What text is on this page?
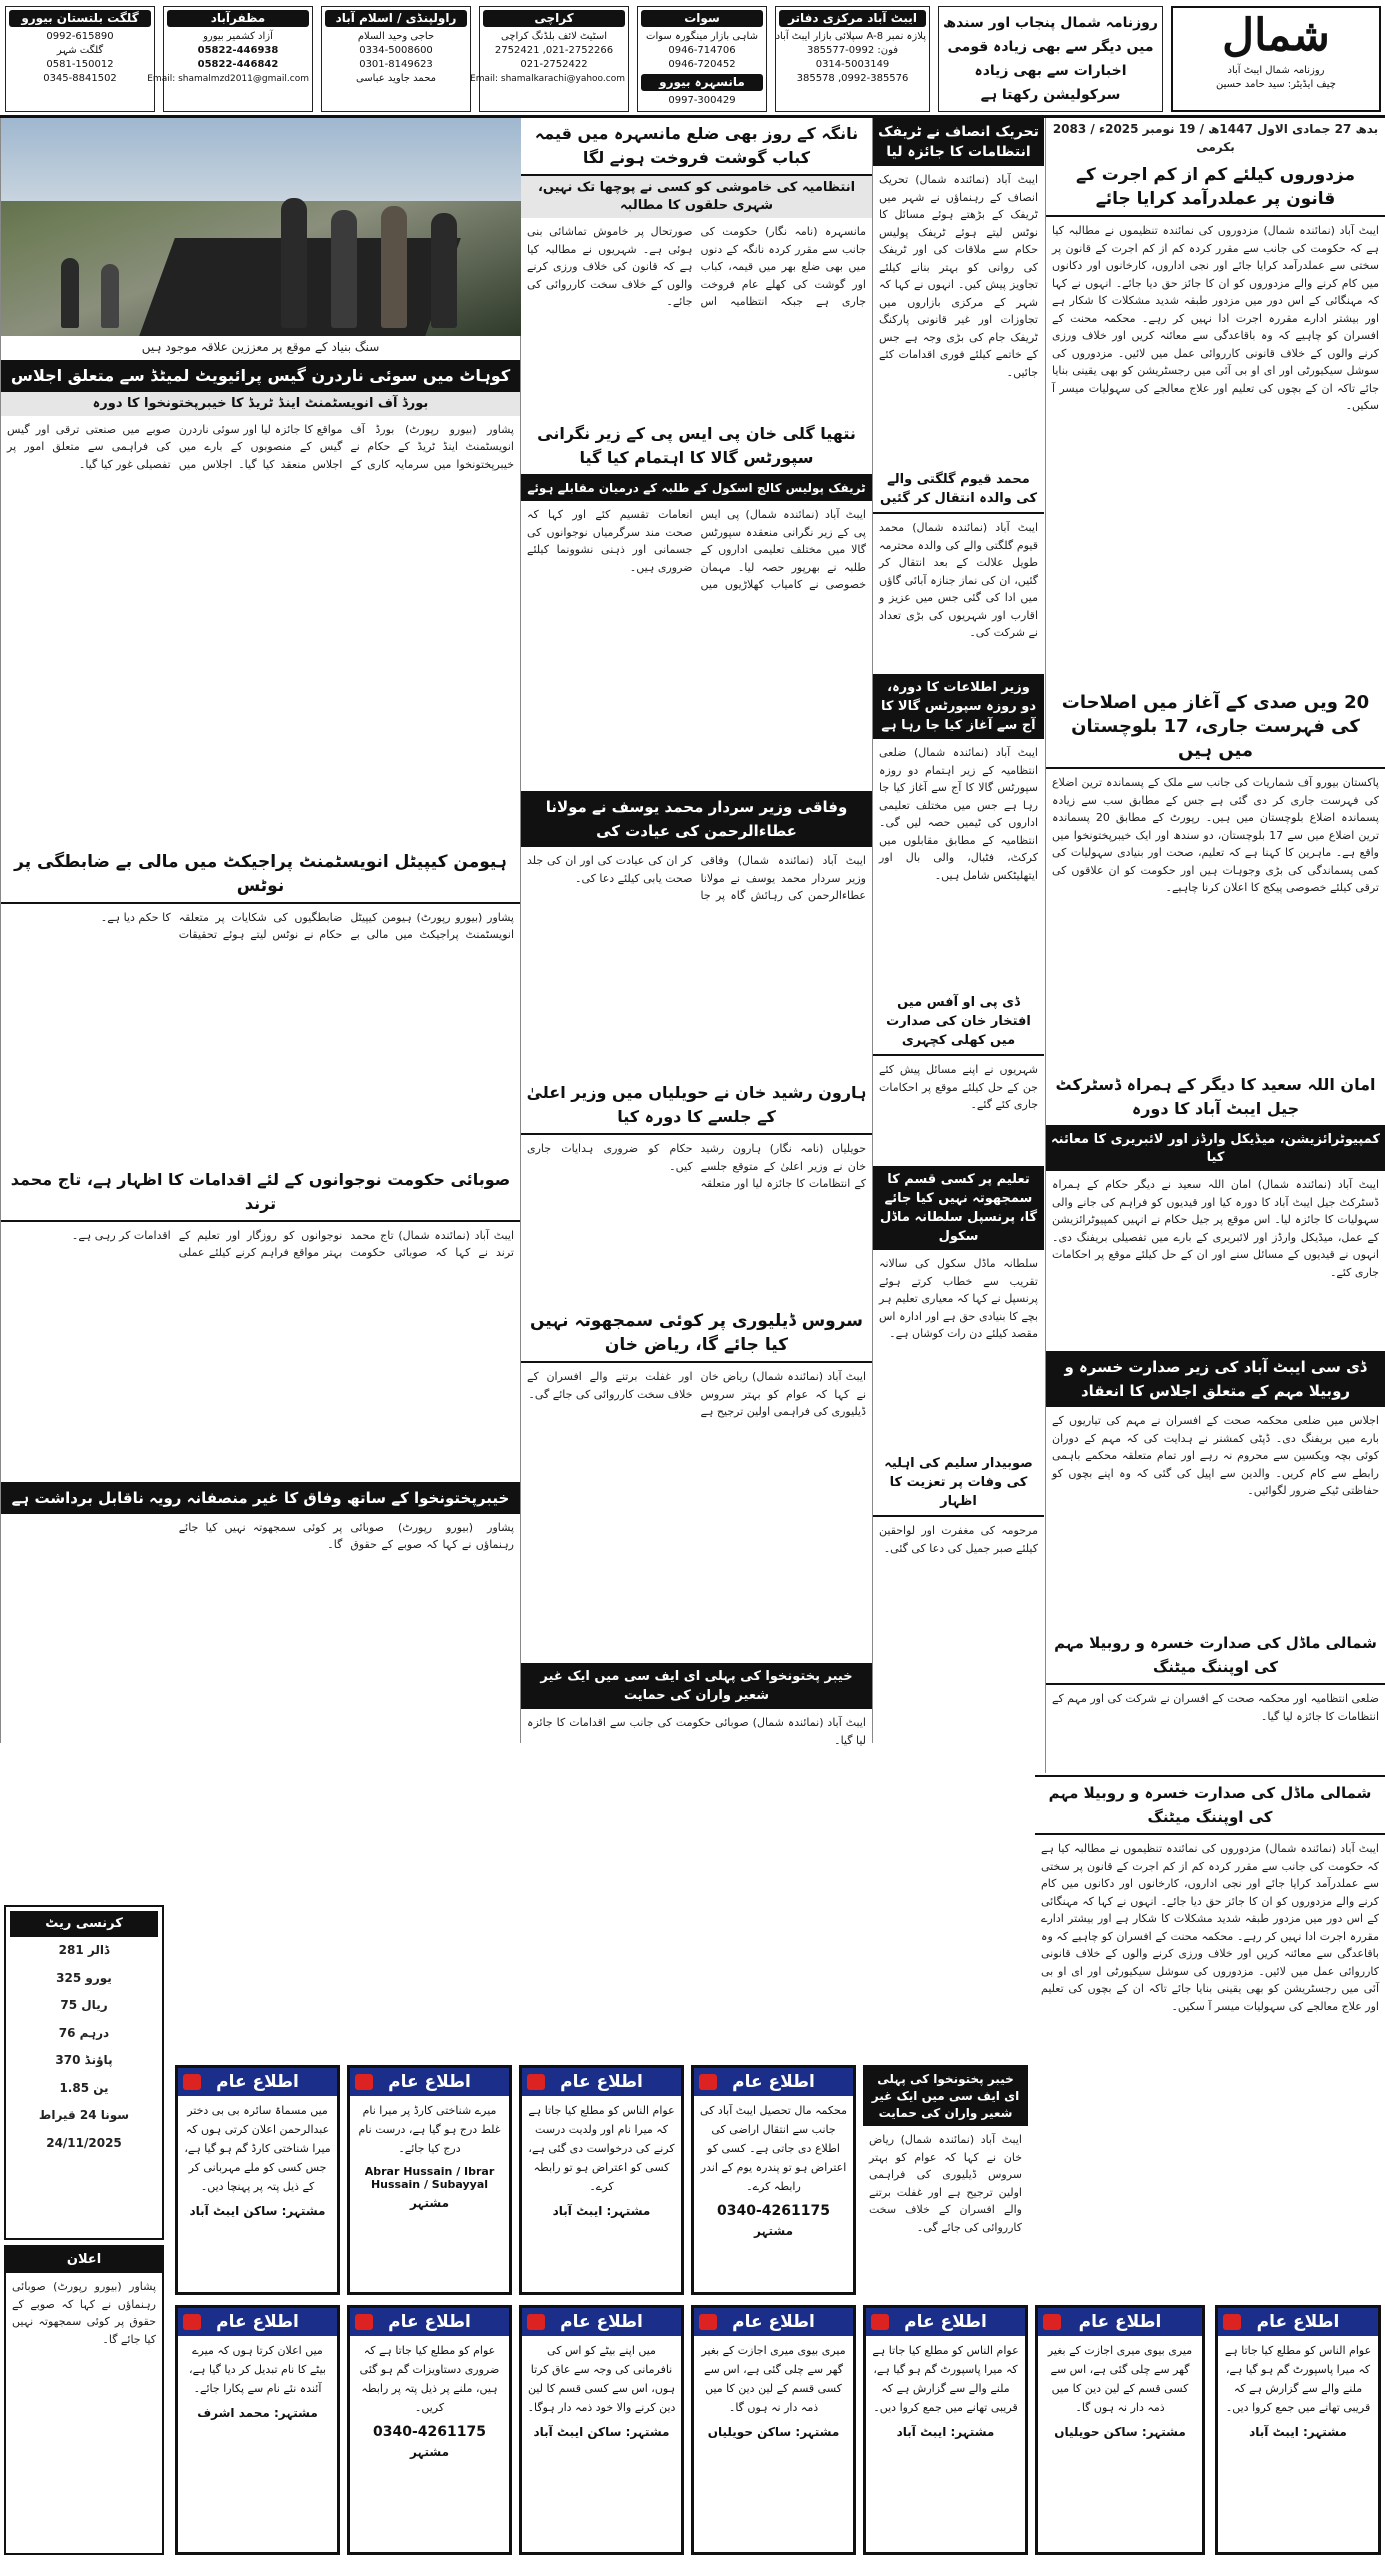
شمال
روزنامہ شمال ایبٹ آباد
چیف ایڈیٹر: سید حامد حسین
روزنامہ شمال پنجاب اور سندھ میں دیگر سے بھی زیادہ قومی اخبارات سے بھی زیادہ سرکولیشن رکھتا ہے
ایبٹ آباد مرکزی دفاتر
پلازہ نمبر A-8 سپلائی بازار ایبٹ آباد
فون: 0992-385577
0314-5003149
0992-385576, 385578
سوات
شاہی بازار مینگورہ سوات
0946-714706
0946-720452
مانسہرہ بیورو
0997-300429
کراچی
اسٹیٹ لائف بلڈنگ کراچی
021-2752266, 2752421
021-2752422
Email: shamalkarachi@yahoo.com
راولپنڈی / اسلام آباد
حاجی وحید السلام
0334-5008600
0301-8149623
محمد جاوید عباسی
مظفرآباد
آزاد کشمیر بیورو
05822-446938
05822-446842
Email: shamalmzd2011@gmail.com
گلگت بلتستان بیورو
0992-615890
گلگت شہر
0581-150012
0345-8841502
بدھ 27 جمادی الاول 1447ھ / 19 نومبر 2025ء / 2083 بکرمی
مزدوروں کیلئے کم از کم اجرت کے قانون پر عملدرآمد کرایا جائے
ایبٹ آباد (نمائندہ شمال) مزدوروں کی نمائندہ تنظیموں نے مطالبہ کیا ہے کہ حکومت کی جانب سے مقرر کردہ کم از کم اجرت کے قانون پر سختی سے عملدرآمد کرایا جائے اور نجی اداروں، کارخانوں اور دکانوں میں کام کرنے والے مزدوروں کو ان کا جائز حق دیا جائے۔ انہوں نے کہا کہ مہنگائی کے اس دور میں مزدور طبقہ شدید مشکلات کا شکار ہے اور بیشتر ادارے مقررہ اجرت ادا نہیں کر رہے۔ محکمہ محنت کے افسران کو چاہیے کہ وہ باقاعدگی سے معائنہ کریں اور خلاف ورزی کرنے والوں کے خلاف قانونی کارروائی عمل میں لائیں۔ مزدوروں کی سوشل سیکیورٹی اور ای او بی آئی میں رجسٹریشن کو بھی یقینی بنایا جائے تاکہ ان کے بچوں کی تعلیم اور علاج معالجے کی سہولیات میسر آ سکیں۔
20 ویں صدی کے آغاز میں اصلاحات کی فہرست جاری، 17 بلوچستان میں ہیں
پاکستان بیورو آف شماریات کی جانب سے ملک کے پسماندہ ترین اضلاع کی فہرست جاری کر دی گئی ہے جس کے مطابق سب سے زیادہ پسماندہ اضلاع بلوچستان میں ہیں۔ رپورٹ کے مطابق 20 پسماندہ ترین اضلاع میں سے 17 بلوچستان، دو سندھ اور ایک خیبرپختونخوا میں واقع ہے۔ ماہرین کا کہنا ہے کہ تعلیم، صحت اور بنیادی سہولیات کی کمی پسماندگی کی بڑی وجوہات ہیں اور حکومت کو ان علاقوں کی ترقی کیلئے خصوصی پیکج کا اعلان کرنا چاہیے۔
امان اللہ سعید کا دیگر کے ہمراہ ڈسٹرکٹ جیل ایبٹ آباد کا دورہ
کمپیوٹرائزیشن، میڈیکل وارڈز اور لائبریری کا معائنہ کیا
ایبٹ آباد (نمائندہ شمال) امان اللہ سعید نے دیگر حکام کے ہمراہ ڈسٹرکٹ جیل ایبٹ آباد کا دورہ کیا اور قیدیوں کو فراہم کی جانے والی سہولیات کا جائزہ لیا۔ اس موقع پر جیل حکام نے انہیں کمپیوٹرائزیشن کے عمل، میڈیکل وارڈز اور لائبریری کے بارے میں تفصیلی بریفنگ دی۔ انہوں نے قیدیوں کے مسائل سنے اور ان کے حل کیلئے موقع پر احکامات جاری کئے۔
ڈی سی ایبٹ آباد کی زیر صدارت خسرہ و روبیلا مہم کے متعلق اجلاس کا انعقاد
اجلاس میں ضلعی محکمہ صحت کے افسران نے مہم کی تیاریوں کے بارے میں بریفنگ دی۔ ڈپٹی کمشنر نے ہدایت کی کہ مہم کے دوران کوئی بچہ ویکسین سے محروم نہ رہے اور تمام متعلقہ محکمے باہمی رابطے سے کام کریں۔ والدین سے اپیل کی گئی کہ وہ اپنے بچوں کو حفاظتی ٹیکے ضرور لگوائیں۔
شمالی ماڈل کی صدارت خسرہ و روبیلا مہم کی اوپننگ میٹنگ
ضلعی انتظامیہ اور محکمہ صحت کے افسران نے شرکت کی اور مہم کے انتظامات کا جائزہ لیا گیا۔
تحریک انصاف نے ٹریفک انتظامات کا جائزہ لیا
ایبٹ آباد (نمائندہ شمال) تحریک انصاف کے رہنماؤں نے شہر میں ٹریفک کے بڑھتے ہوئے مسائل کا نوٹس لیتے ہوئے ٹریفک پولیس حکام سے ملاقات کی اور ٹریفک کی روانی کو بہتر بنانے کیلئے تجاویز پیش کیں۔ انہوں نے کہا کہ شہر کے مرکزی بازاروں میں تجاوزات اور غیر قانونی پارکنگ ٹریفک جام کی بڑی وجہ ہے جس کے خاتمے کیلئے فوری اقدامات کئے جائیں۔
محمد قیوم گلگتی والے کی والدہ انتقال کر گئیں
ایبٹ آباد (نمائندہ شمال) محمد قیوم گلگتی والے کی والدہ محترمہ طویل علالت کے بعد انتقال کر گئیں، ان کی نماز جنازہ آبائی گاؤں میں ادا کی گئی جس میں عزیز و اقارب اور شہریوں کی بڑی تعداد نے شرکت کی۔
وزیر اطلاعات کا دورہ، دو روزہ سپورٹس گالا کا آج سے آغاز کیا جا رہا ہے
ایبٹ آباد (نمائندہ شمال) ضلعی انتظامیہ کے زیر اہتمام دو روزہ سپورٹس گالا کا آج سے آغاز کیا جا رہا ہے جس میں مختلف تعلیمی اداروں کی ٹیمیں حصہ لیں گی۔ انتظامیہ کے مطابق مقابلوں میں کرکٹ، فٹبال، والی بال اور ایتھلیٹکس شامل ہیں۔
ڈی پی او آفس میں افتخار خان کی صدارت میں کھلی کچہری
شہریوں نے اپنے مسائل پیش کئے جن کے حل کیلئے موقع پر احکامات جاری کئے گئے۔
تعلیم پر کسی قسم کا سمجھوتہ نہیں کیا جائے گا، پرنسپل سلطانہ ماڈل سکول
سلطانہ ماڈل سکول کی سالانہ تقریب سے خطاب کرتے ہوئے پرنسپل نے کہا کہ معیاری تعلیم ہر بچے کا بنیادی حق ہے اور ادارہ اس مقصد کیلئے دن رات کوشاں ہے۔
صوبیدار سلیم کی اہلیہ کی وفات پر تعزیت کا اظہار
مرحومہ کی مغفرت اور لواحقین کیلئے صبر جمیل کی دعا کی گئی۔
نانگہ کے روز بھی ضلع مانسہرہ میں قیمہ کباب گوشت فروخت ہونے لگا
انتظامیہ کی خاموشی کو کسی نے پوچھا تک نہیں، شہری حلقوں کا مطالبہ
مانسہرہ (نامہ نگار) حکومت کی جانب سے مقرر کردہ نانگہ کے دنوں میں بھی ضلع بھر میں قیمہ، کباب اور گوشت کی کھلے عام فروخت جاری ہے جبکہ انتظامیہ اس صورتحال پر خاموش تماشائی بنی ہوئی ہے۔ شہریوں نے مطالبہ کیا ہے کہ قانون کی خلاف ورزی کرنے والوں کے خلاف سخت کارروائی کی جائے۔
نتھیا گلی خان پی ایس پی کے زیر نگرانی سپورٹس گالا کا اہتمام کیا گیا
ٹریفک پولیس کالج اسکول کے طلبہ کے درمیان مقابلے ہوئے
ایبٹ آباد (نمائندہ شمال) پی ایس پی کے زیر نگرانی منعقدہ سپورٹس گالا میں مختلف تعلیمی اداروں کے طلبہ نے بھرپور حصہ لیا۔ مہمان خصوصی نے کامیاب کھلاڑیوں میں انعامات تقسیم کئے اور کہا کہ صحت مند سرگرمیاں نوجوانوں کی جسمانی اور ذہنی نشوونما کیلئے ضروری ہیں۔
وفاقی وزیر سردار محمد یوسف نے مولانا عطاءالرحمن کی عیادت کی
ایبٹ آباد (نمائندہ شمال) وفاقی وزیر سردار محمد یوسف نے مولانا عطاءالرحمن کی رہائش گاہ پر جا کر ان کی عیادت کی اور ان کی جلد صحت یابی کیلئے دعا کی۔
ہارون رشید خان نے حویلیاں میں وزیر اعلیٰ کے جلسے کا دورہ کیا
حویلیاں (نامہ نگار) ہارون رشید خان نے وزیر اعلیٰ کے متوقع جلسے کے انتظامات کا جائزہ لیا اور متعلقہ حکام کو ضروری ہدایات جاری کیں۔
سروس ڈیلیوری پر کوئی سمجھوتہ نہیں کیا جائے گا، ریاض خان
ایبٹ آباد (نمائندہ شمال) ریاض خان نے کہا کہ عوام کو بہتر سروس ڈیلیوری کی فراہمی اولین ترجیح ہے اور غفلت برتنے والے افسران کے خلاف سخت کارروائی کی جائے گی۔
خیبر پختونخوا کی پہلی ای ایف سی میں ایک غیر شعیر واران کی حمایت
ایبٹ آباد (نمائندہ شمال) صوبائی حکومت کی جانب سے اقدامات کا جائزہ لیا گیا۔
سنگ بنیاد کے موقع پر معززین علاقہ موجود ہیں
کوہاٹ میں سوئی ناردرن گیس پرائیویٹ لمیٹڈ سے متعلق اجلاس
بورڈ آف انویسٹمنٹ اینڈ ٹریڈ کا خیبرپختونخوا کا دورہ
پشاور (بیورو رپورٹ) بورڈ آف انویسٹمنٹ اینڈ ٹریڈ کے حکام نے خیبرپختونخوا میں سرمایہ کاری کے مواقع کا جائزہ لیا اور سوئی ناردرن گیس کے منصوبوں کے بارے میں اجلاس منعقد کیا گیا۔ اجلاس میں صوبے میں صنعتی ترقی اور گیس کی فراہمی سے متعلق امور پر تفصیلی غور کیا گیا۔
ہیومن کیپیٹل انویسٹمنٹ پراجیکٹ میں مالی بے ضابطگی پر نوٹس
پشاور (بیورو رپورٹ) ہیومن کیپیٹل انویسٹمنٹ پراجیکٹ میں مالی بے ضابطگیوں کی شکایات پر متعلقہ حکام نے نوٹس لیتے ہوئے تحقیقات کا حکم دیا ہے۔
صوبائی حکومت نوجوانوں کے لئے اقدامات کا اظہار ہے، تاج محمد ترند
ایبٹ آباد (نمائندہ شمال) تاج محمد ترند نے کہا کہ صوبائی حکومت نوجوانوں کو روزگار اور تعلیم کے بہتر مواقع فراہم کرنے کیلئے عملی اقدامات کر رہی ہے۔
خیبرپختونخوا کے ساتھ وفاق کا غیر منصفانہ رویہ ناقابل برداشت ہے
پشاور (بیورو رپورٹ) صوبائی رہنماؤں نے کہا کہ صوبے کے حقوق پر کوئی سمجھوتہ نہیں کیا جائے گا۔
کرنسی ریٹ
ڈالر 281
یورو 325
ریال 75
درہم 76
پاؤنڈ 370
ین 1.85
سونا 24 قیراط
24/11/2025
اطلاع عام
میں مسماۃ سائرہ بی بی دختر عبدالرحمن اعلان کرتی ہوں کہ میرا شناختی کارڈ گم ہو گیا ہے، جس کسی کو ملے مہربانی کر کے ذیل پتہ پر پہنچا دیں۔
مشتہر: ساکن ایبٹ آباد
اطلاع عام
میرے شناختی کارڈ پر میرا نام غلط درج ہو گیا ہے، درست نام درج کیا جائے۔
Abrar Hussain / Ibrar Hussain / Subayyal
مشتہر
اطلاع عام
عوام الناس کو مطلع کیا جاتا ہے کہ میرا نام اور ولدیت درست کرنے کی درخواست دی گئی ہے، کسی کو اعتراض ہو تو رابطہ کرے۔
مشتہر: ایبٹ آباد
اطلاع عام
محکمہ مال تحصیل ایبٹ آباد کی جانب سے انتقال اراضی کی اطلاع دی جاتی ہے۔ کسی کو اعتراض ہو تو پندرہ یوم کے اندر رابطہ کرے۔
0340-4261175
مشتہر
اطلاع عام
میں اعلان کرتا ہوں کہ میرے بیٹے کا نام تبدیل کر دیا گیا ہے، آئندہ نئے نام سے پکارا جائے۔
مشتہر: محمد اشرف
اطلاع عام
عوام کو مطلع کیا جاتا ہے کہ ضروری دستاویزات گم ہو گئی ہیں، ملنے پر ذیل پتہ پر رابطہ کریں۔
0340-4261175
مشتہر
اطلاع عام
میں اپنے بیٹے کو اس کی نافرمانی کی وجہ سے عاق کرتا ہوں، اس سے کسی قسم کا لین دین کرنے والا خود ذمہ دار ہوگا۔
مشتہر: ساکن ایبٹ آباد
اطلاع عام
میری بیوی میری اجازت کے بغیر گھر سے چلی گئی ہے، اس سے کسی قسم کے لین دین کا میں ذمہ دار نہ ہوں گا۔
مشتہر: ساکن حویلیاں
اطلاع عام
عوام الناس کو مطلع کیا جاتا ہے کہ میرا پاسپورٹ گم ہو گیا ہے، ملنے والے سے گزارش ہے کہ قریبی تھانے میں جمع کروا دیں۔
مشتہر: ایبٹ آباد
شمالی ماڈل کی صدارت خسرہ و روبیلا مہم کی اوپننگ میٹنگ
ایبٹ آباد (نمائندہ شمال) مزدوروں کی نمائندہ تنظیموں نے مطالبہ کیا ہے کہ حکومت کی جانب سے مقرر کردہ کم از کم اجرت کے قانون پر سختی سے عملدرآمد کرایا جائے اور نجی اداروں، کارخانوں اور دکانوں میں کام کرنے والے مزدوروں کو ان کا جائز حق دیا جائے۔ انہوں نے کہا کہ مہنگائی کے اس دور میں مزدور طبقہ شدید مشکلات کا شکار ہے اور بیشتر ادارے مقررہ اجرت ادا نہیں کر رہے۔ محکمہ محنت کے افسران کو چاہیے کہ وہ باقاعدگی سے معائنہ کریں اور خلاف ورزی کرنے والوں کے خلاف قانونی کارروائی عمل میں لائیں۔ مزدوروں کی سوشل سیکیورٹی اور ای او بی آئی میں رجسٹریشن کو بھی یقینی بنایا جائے تاکہ ان کے بچوں کی تعلیم اور علاج معالجے کی سہولیات میسر آ سکیں۔
خیبر پختونخوا کی پہلی ای ایف سی میں ایک غیر شعیر واران کی حمایت
ایبٹ آباد (نمائندہ شمال) ریاض خان نے کہا کہ عوام کو بہتر سروس ڈیلیوری کی فراہمی اولین ترجیح ہے اور غفلت برتنے والے افسران کے خلاف سخت کارروائی کی جائے گی۔
اطلاع عام
میری بیوی میری اجازت کے بغیر گھر سے چلی گئی ہے، اس سے کسی قسم کے لین دین کا میں ذمہ دار نہ ہوں گا۔
مشتہر: ساکن حویلیاں
اطلاع عام
عوام الناس کو مطلع کیا جاتا ہے کہ میرا پاسپورٹ گم ہو گیا ہے، ملنے والے سے گزارش ہے کہ قریبی تھانے میں جمع کروا دیں۔
مشتہر: ایبٹ آباد
اعلان
پشاور (بیورو رپورٹ) صوبائی رہنماؤں نے کہا کہ صوبے کے حقوق پر کوئی سمجھوتہ نہیں کیا جائے گا۔
